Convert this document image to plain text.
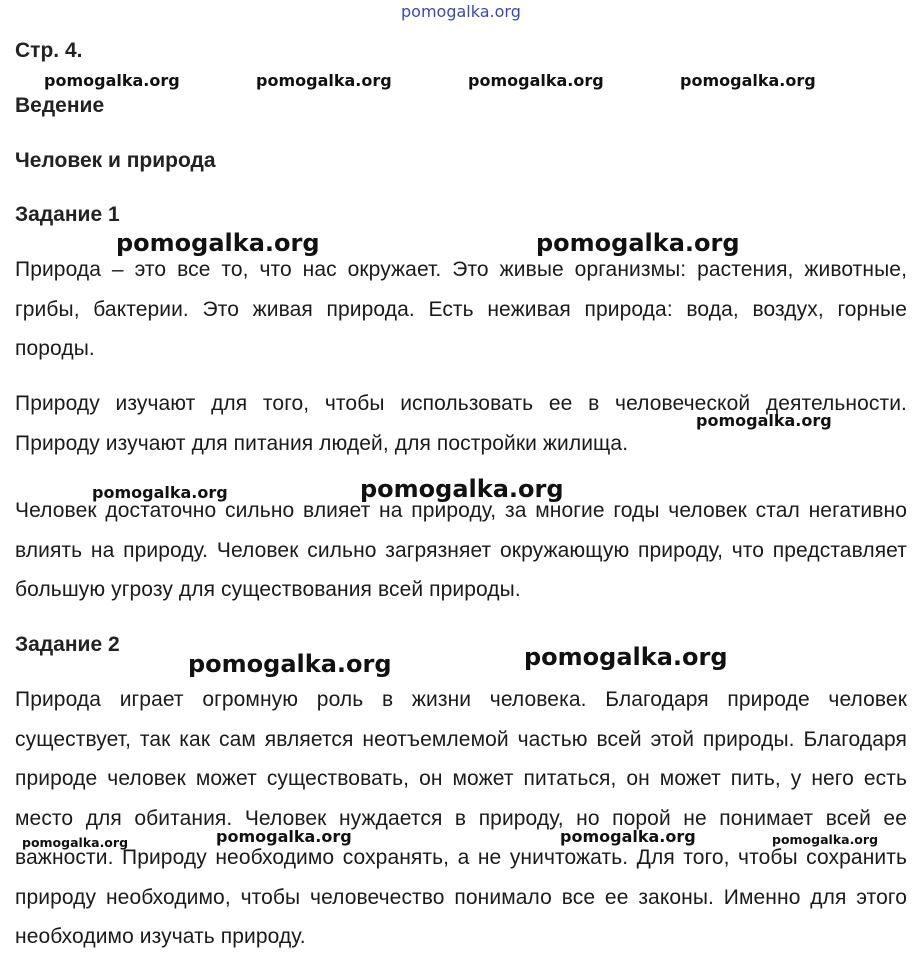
pomogalka.org
Стр. 4.
pomogalka.org	pomogalka.org	pomogalka.org	pomogalka.org
Ведение
Человек и природа
Задание 1
pomogalka.org	pomogalka.org
Природа – это все то, что нас окружает. Это живые организмы: растения, животные, грибы, бактерии. Это живая природа. Есть неживая природа: вода, воздух, горные породы.
Природу изучают для того, чтобы использовать ее в человеческой деятельности. Природу изучают для питания людей, для постройки жилища.
pomogalka.org
pomogalka.org	pomogalka.org
Человек достаточно сильно влияет на природу, за многие годы человек стал негативно влиять на природу. Человек сильно загрязняет окружающую природу, что представляет большую угрозу для существования всей природы.
Задание 2
pomogalka.org	pomogalka.org
Природа играет огромную роль в жизни человека. Благодаря природе человек существует, так как сам является неотъемлемой частью всей этой природы. Благодаря природе человек может существовать, он может питаться, он может пить, у него есть место для обитания. Человек нуждается в природу, но порой не понимает всей ее важности. Природу необходимо сохранять, а не уничтожать. Для того, чтобы сохранить природу необходимо, чтобы человечество понимало все ее законы. Именно для этого необходимо изучать природу.
pomogalka.org	pomogalka.org	pomogalka.org	pomogalka.org
